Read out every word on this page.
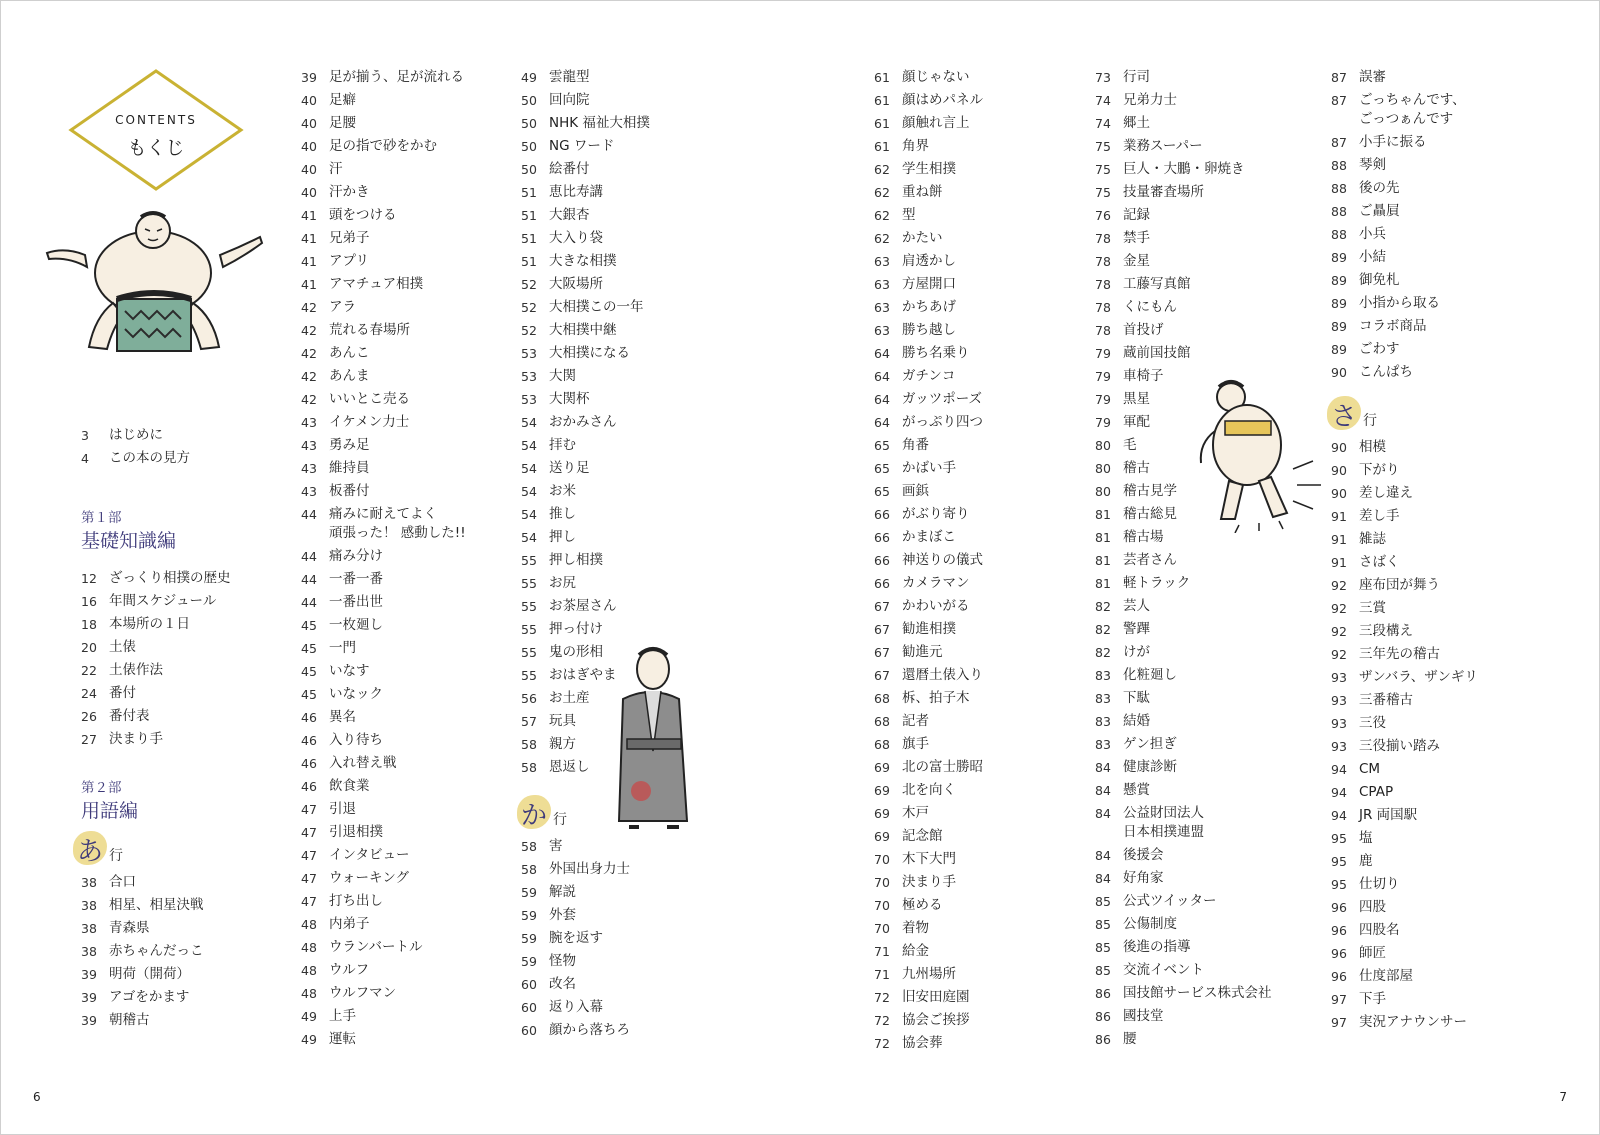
CONTENTS
もくじ
3	はじめに
4	この本の見方
第１部
基礎知識編
12 ざっくり相撲の歴史
16 年間スケジュール
18 本場所の１日
20 土俵
22 土俵作法
24 番付
26 番付表
27 決まり手
第２部
用語編
あ 行
38 合口
38 相星、相星決戦
38 青森県
38 赤ちゃんだっこ
39 明荷（開荷）
39 アゴをかます
39 朝稽古
39 足が揃う、足が流れる
40 足癖
40 足腰
40 足の指で砂をかむ
40 汗
40 汗かき
41 頭をつける
41 兄弟子
41 アプリ
41 アマチュア相撲
42 アラ
42 荒れる春場所
42 あんこ
42 あんま
42 いいとこ売る
43 イケメン力士
43 勇み足
43 維持員
43 板番付
44 痛みに耐えてよく
頑張った！ 感動した!!
44 痛み分け
44 一番一番
44 一番出世
45 一枚廻し
45 一門
45 いなす
45 いなック
46 異名
46 入り待ち
46 入れ替え戦
46 飲食業
47 引退
47 引退相撲
47 インタビュー
47 ウォーキング
47 打ち出し
48 内弟子
48 ウランバートル
48 ウルフ
48 ウルフマン
49 上手
49 運転
49 雲龍型
50 回向院
50 NHK 福祉大相撲
50 NG ワード
50 絵番付
51 恵比寿講
51 大銀杏
51 大入り袋
51 大きな相撲
52 大阪場所
52 大相撲この一年
52 大相撲中継
53 大相撲になる
53 大関
53 大関杯
54 おかみさん
54 拝む
54 送り足
54 お米
54 推し
54 押し
55 押し相撲
55 お尻
55 お茶屋さん
55 押っ付け
55 鬼の形相
55 おはぎやま
56 お土産
57 玩具
58 親方
58 恩返し
か 行
58 害
58 外国出身力士
59 解説
59 外套
59 腕を返す
59 怪物
60 改名
60 返り入幕
60 顔から落ちろ
61 顔じゃない
61 顔はめパネル
61 顔触れ言上
61 角界
62 学生相撲
62 重ね餅
62 型
62 かたい
63 肩透かし
63 方屋開口
63 かちあげ
63 勝ち越し
64 勝ち名乗り
64 ガチンコ
64 ガッツポーズ
64 がっぷり四つ
65 角番
65 かばい手
65 画鋲
66 がぶり寄り
66 かまぼこ
66 神送りの儀式
66 カメラマン
67 かわいがる
67 勧進相撲
67 勧進元
67 還暦土俵入り
68 柝、拍子木
68 記者
68 旗手
69 北の富士勝昭
69 北を向く
69 木戸
69 記念館
70 木下大門
70 決まり手
70 極める
70 着物
71 給金
71 九州場所
72 旧安田庭園
72 協会ご挨拶
72 協会葬
73 行司
74 兄弟力士
74 郷土
75 業務スーパー
75 巨人・大鵬・卵焼き
75 技量審査場所
76 記録
78 禁手
78 金星
78 工藤写真館
78 くにもん
78 首投げ
79 蔵前国技館
79 車椅子
79 黒星
79 軍配
80 毛
80 稽古
80 稽古見学
81 稽古総見
81 稽古場
81 芸者さん
81 軽トラック
82 芸人
82 警蹕
82 けが
83 化粧廻し
83 下駄
83 結婚
83 ゲン担ぎ
84 健康診断
84 懸賞
84 公益財団法人
日本相撲連盟
84 後援会
84 好角家
85 公式ツイッター
85 公傷制度
85 後進の指導
85 交流イベント
86 国技館サービス株式会社
86 國技堂
86 腰
87 誤審
87 ごっちゃんです、
ごっつぁんです
87 小手に振る
88 琴剣
88 後の先
88 ご贔屓
88 小兵
89 小結
89 御免札
89 小指から取る
89 コラボ商品
89 ごわす
90 こんぱち
さ 行
90 相模
90 下がり
90 差し違え
91 差し手
91 雑誌
91 さばく
92 座布団が舞う
92 三賞
92 三段構え
92 三年先の稽古
93 ザンバラ、ザンギリ
93 三番稽古
93 三役
93 三役揃い踏み
94 CM
94 CPAP
94 JR 両国駅
95 塩
95 鹿
95 仕切り
96 四股
96 四股名
96 師匠
96 仕度部屋
97 下手
97 実況アナウンサー
6	7
